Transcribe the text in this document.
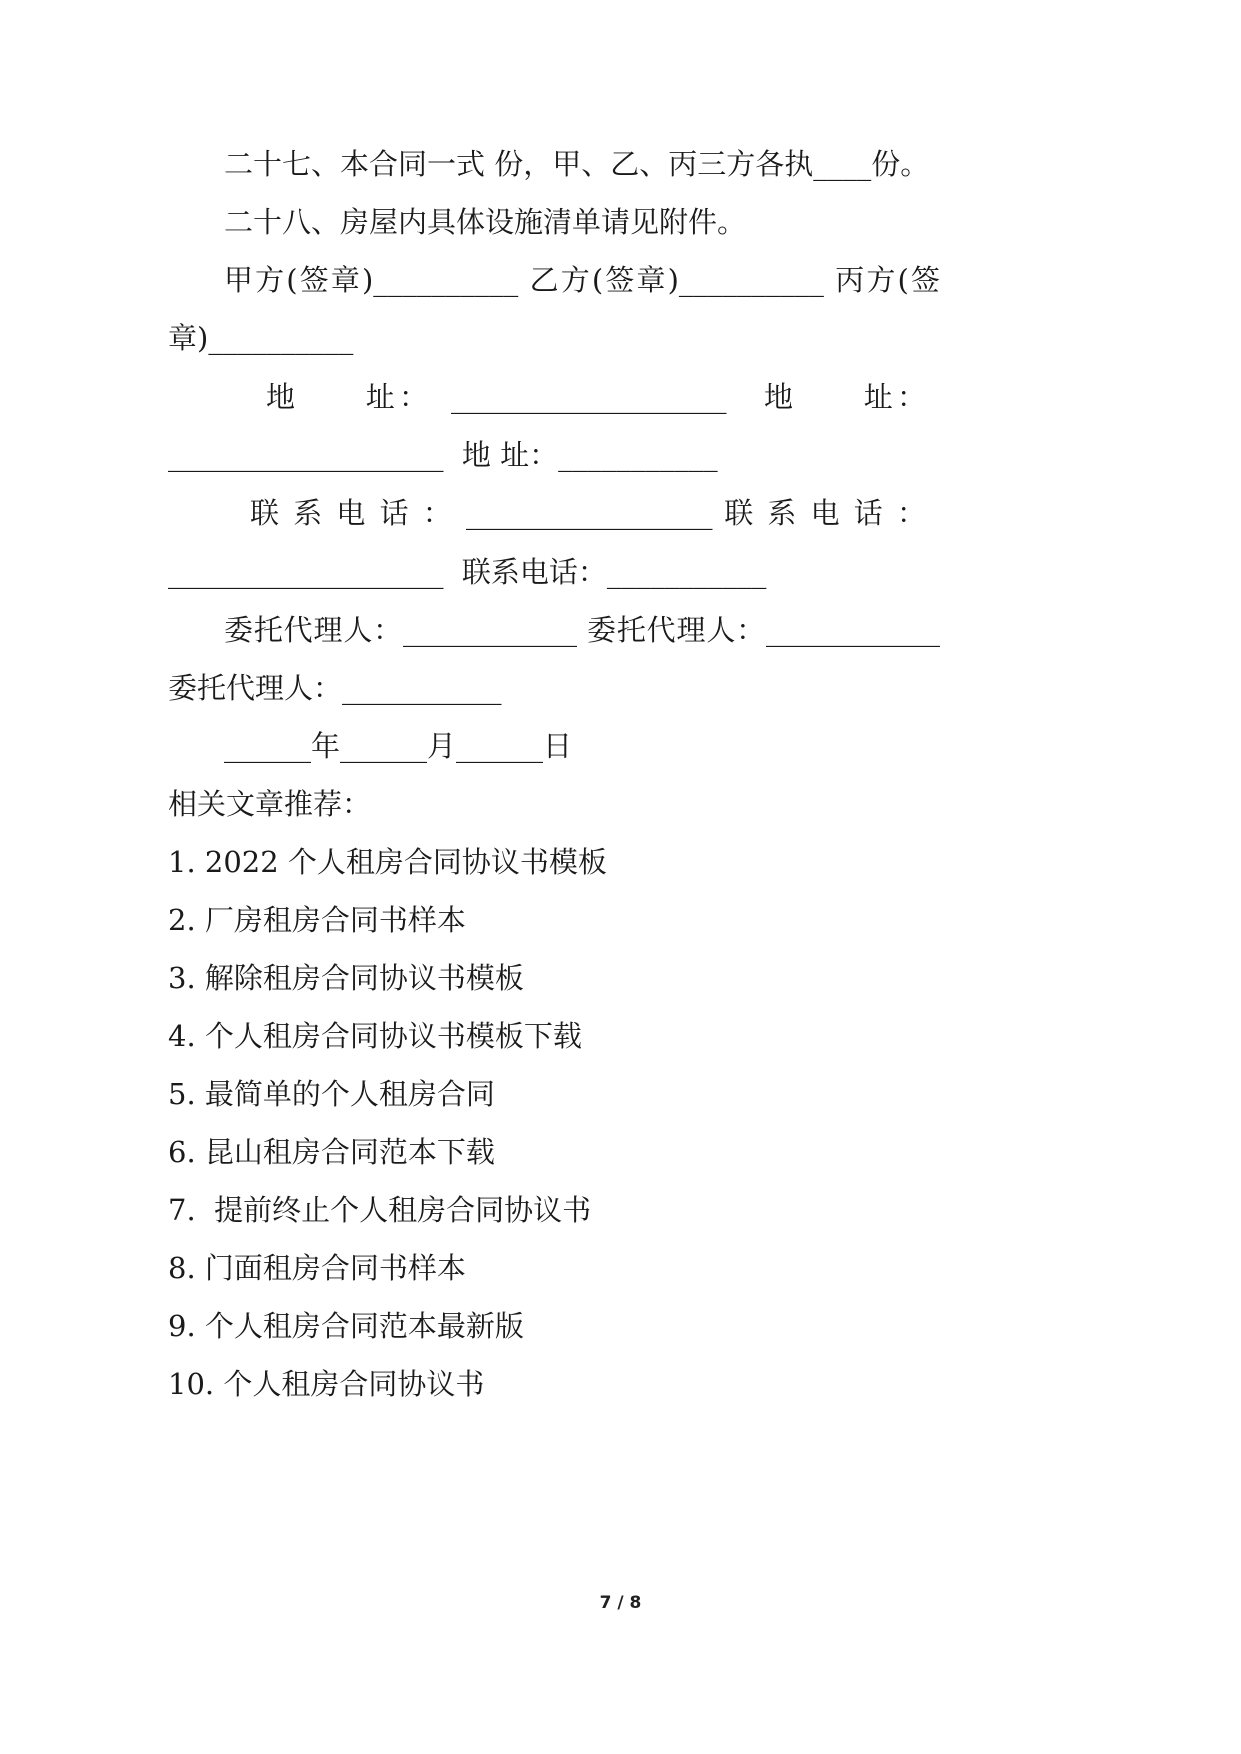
二十七、本合同一式 份，甲、乙、丙三方各执____份。
二十八、房屋内具体设施清单请见附件。
甲方(签章)__________ 乙方(签章)__________ 丙方(签
章)__________
地　　址：　___________________　地　　址：
___________________  地 址：___________
联 系 电 话 ： _________________ 联 系 电 话 ：
___________________  联系电话：___________
委托代理人：____________ 委托代理人：____________
委托代理人：___________
______年______月______日
相关文章推荐：
1. 2022 个人租房合同协议书模板
2. 厂房租房合同书样本
3. 解除租房合同协议书模板
4. 个人租房合同协议书模板下载
5. 最简单的个人租房合同
6. 昆山租房合同范本下载
7.  提前终止个人租房合同协议书
8. 门面租房合同书样本
9. 个人租房合同范本最新版
10. 个人租房合同协议书
7 / 8
